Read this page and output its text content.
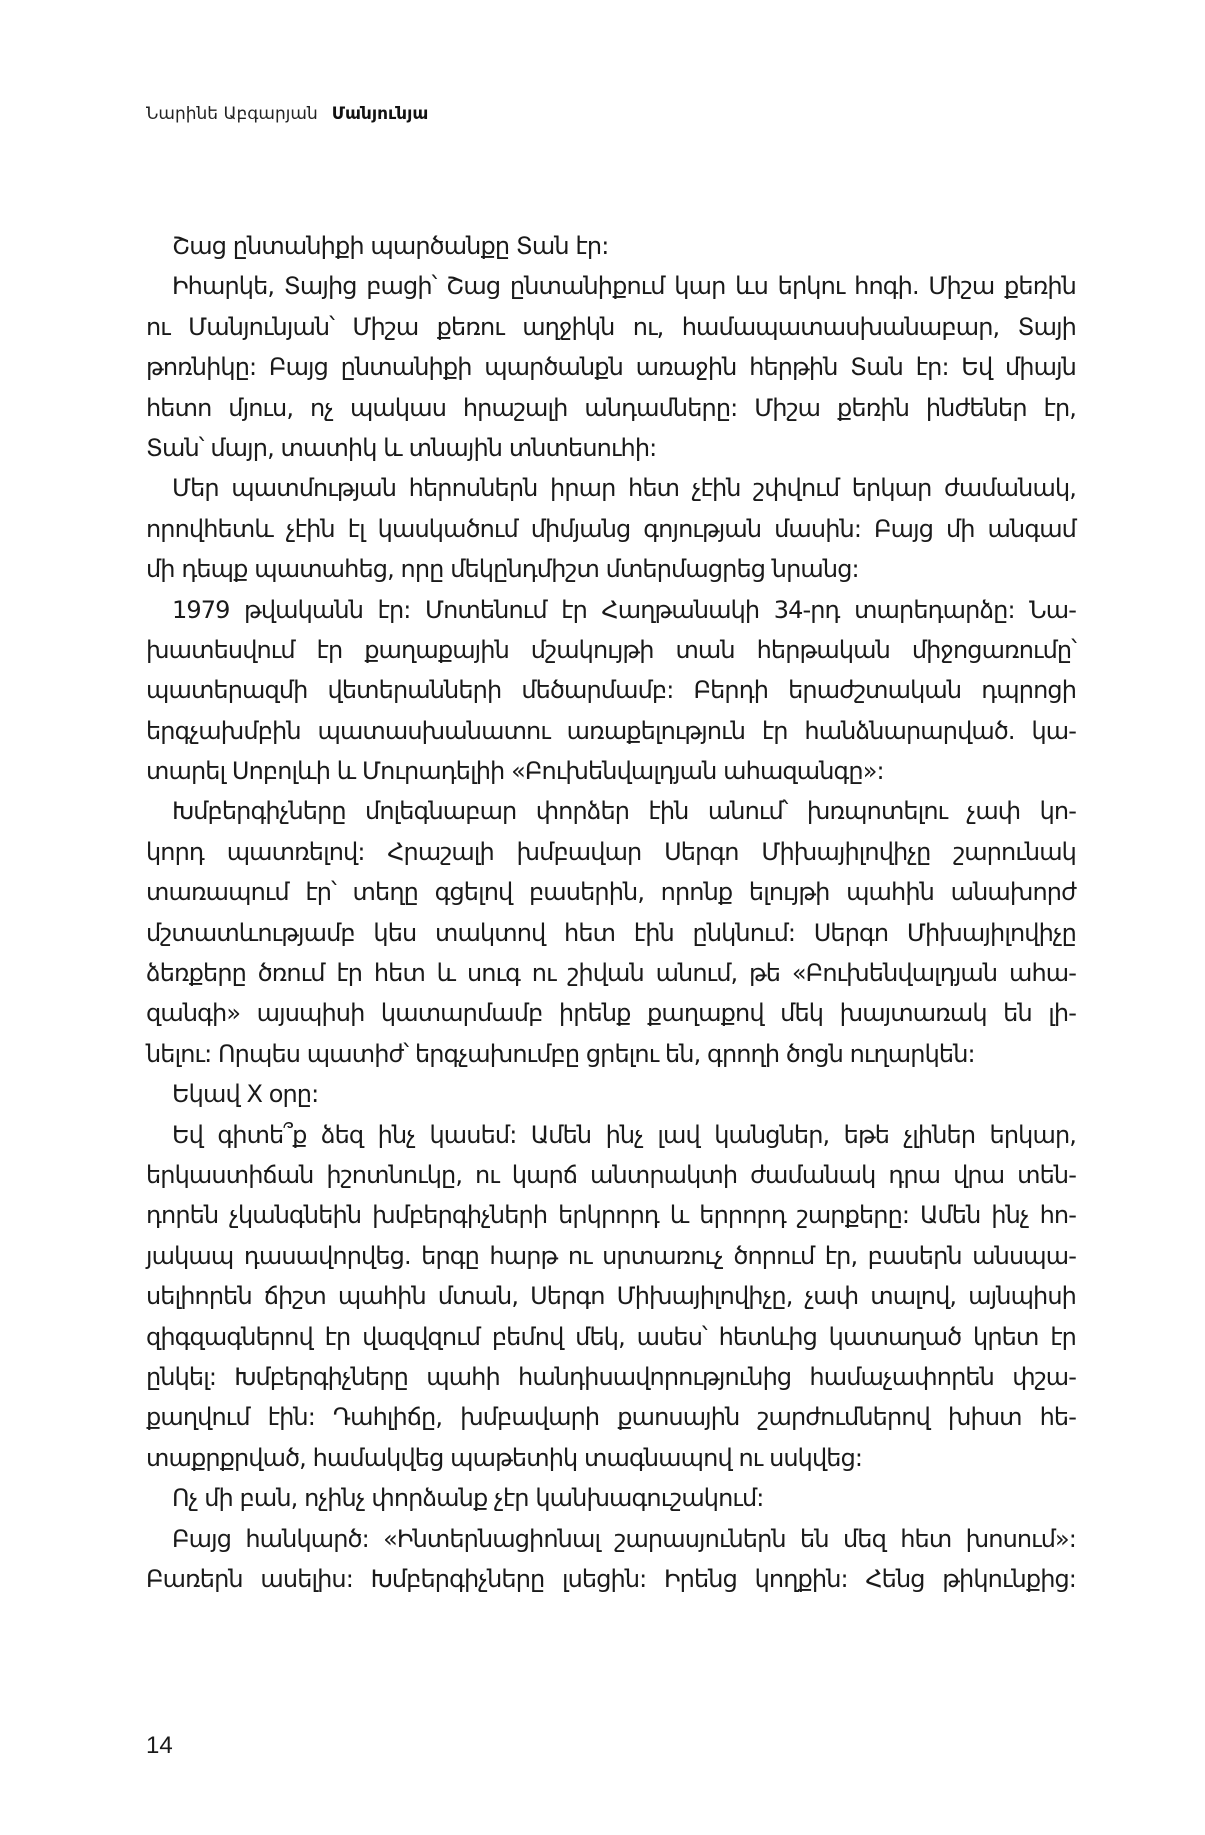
Նարինե Աբգարյան Մանյունյա
Շաց ընտանիքի պարծանքը Տան էր:
Իհարկե, Տայից բացի՝ Շաց ընտանիքում կար ևս երկու հոգի. Միշա քեռին
ու Մանյունյան՝ Միշա քեռու աղջիկն ու, համապատասխանաբար, Տայի
թոռնիկը: Բայց ընտանիքի պարծանքն առաջին հերթին Տան էր: Եվ միայն
հետո մյուս, ոչ պակաս հրաշալի անդամները: Միշա քեռին ինժեներ էր,
Տան՝ մայր, տատիկ և տնային տնտեսուհի:
Մեր պատմության հերոսներն իրար հետ չէին շփվում երկար ժամանակ,
որովհետև չէին էլ կասկածում միմյանց գոյության մասին: Բայց մի անգամ
մի դեպք պատահեց, որը մեկընդմիշտ մտերմացրեց նրանց:
1979 թվականն էր: Մոտենում էր Հաղթանակի 34-րդ տարեդարձը: Նա-
խատեսվում էր քաղաքային մշակույթի տան հերթական միջոցառումը՝
պատերազմի վետերանների մեծարմամբ: Բերդի երաժշտական դպրոցի
երգչախմբին պատասխանատու առաքելություն էր հանձնարարված. կա-
տարել Սոբոլևի և Մուրադելիի «Բուխենվալդյան ահազանգը»:
Խմբերգիչները մոլեգնաբար փորձեր էին անում՝ խռպոտելու չափ կո-
կորդ պատռելով: Հրաշալի խմբավար Սերգո Միխայիլովիչը շարունակ
տառապում էր՝ տեղը գցելով բասերին, որոնք ելույթի պահին անախորժ
մշտատևությամբ կես տակտով հետ էին ընկնում: Սերգո Միխայիլովիչը
ձեռքերը ծռում էր հետ և սուգ ու շիվան անում, թե «Բուխենվալդյան ահա-
զանգի» այսպիսի կատարմամբ իրենք քաղաքով մեկ խայտառակ են լի-
նելու: Որպես պատիժ՝ երգչախումբը ցրելու են, գրողի ծոցն ուղարկեն:
Եկավ X օրը:
Եվ գիտե՞ք ձեզ ինչ կասեմ: Ամեն ինչ լավ կանցներ, եթե չլիներ երկար,
երկաստիճան իշոտնուկը, ու կարճ անտրակտի ժամանակ դրա վրա տեն-
դորեն չկանգնեին խմբերգիչների երկրորդ և երրորդ շարքերը: Ամեն ինչ հո-
յակապ դասավորվեց. երգը հարթ ու սրտառուչ ծորում էր, բասերն անսպա-
սելիորեն ճիշտ պահին մտան, Սերգո Միխայիլովիչը, չափ տալով, այնպիսի
զիգզագներով էր վազվզում բեմով մեկ, ասես՝ հետևից կատաղած կրետ էր
ընկել: Խմբերգիչները պահի հանդիսավորությունից համաչափորեն փշա-
քաղվում էին: Դաhլիճը, խմբավարի քաոսային շարժումներով խիստ հե-
տաքրքրված, համակվեց պաթետիկ տագնապով ու սսկվեց:
Ոչ մի բան, ոչինչ փորձանք չէր կանխագուշակում:
Բայց հանկարծ: «Ինտերնացիոնալ շարասյուներն են մեզ հետ խոսում»:
Բառերն ասելիս: Խմբերգիչները լսեցին: Իրենց կողքին: Հենց թիկունքից:
14
